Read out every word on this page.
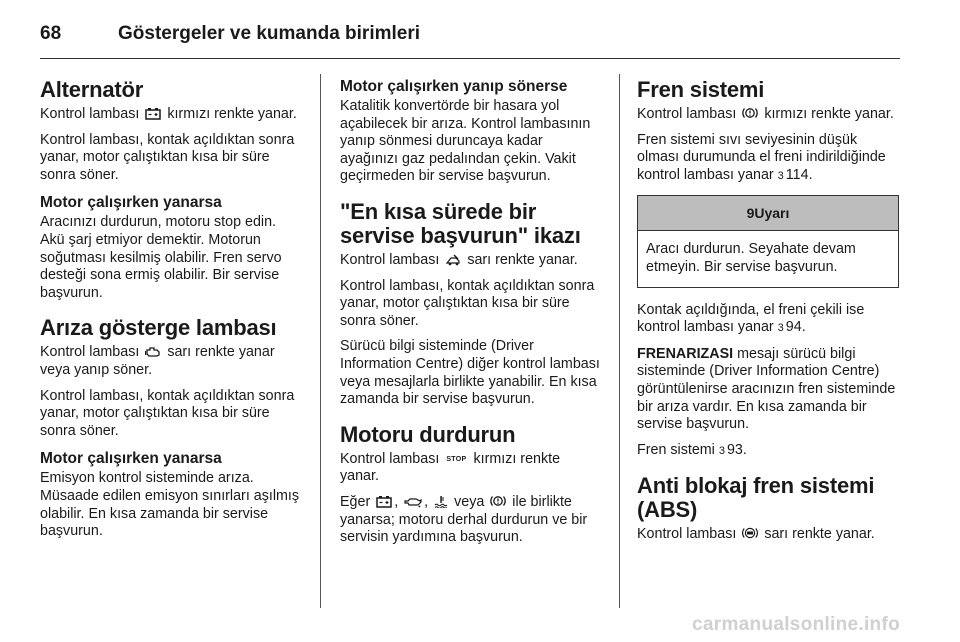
68	Göstergeler ve kumanda birimleri
Alternatör

Kontrol lambası kırmızı renkte yanar.

Kontrol lambası, kontak açıldıktan sonra yanar, motor çalıştıktan kısa bir süre sonra söner.

Motor çalışırken yanarsa

Aracınızı durdurun, motoru stop edin. Akü şarj etmiyor demektir. Motorun soğutması kesilmiş olabilir. Fren servo desteği sona ermiş olabilir. Bir servise başvurun.

Arıza gösterge lambası

Kontrol lambası sarı renkte yanar veya yanıp söner.

Kontrol lambası, kontak açıldıktan sonra yanar, motor çalıştıktan kısa bir süre sonra söner.

Motor çalışırken yanarsa

Emisyon kontrol sisteminde arıza. Müsaade edilen emisyon sınırları aşılmış olabilir. En kısa zamanda bir servise başvurun.

Motor çalışırken yanıp sönerse

Katalitik konvertörde bir hasara yol açabilecek bir arıza. Kontrol lambasının yanıp sönmesi duruncaya kadar ayağınızı gaz pedalından çekin. Vakit geçirmeden bir servise başvurun.

"En kısa sürede bir servise başvurun" ikazı

Kontrol lambası sarı renkte yanar.

Kontrol lambası, kontak açıldıktan sonra yanar, motor çalıştıktan kısa bir süre sonra söner.

Sürücü bilgi sisteminde (Driver Information Centre) diğer kontrol lambası veya mesajlarla birlikte yanabilir. En kısa zamanda bir servise başvurun.

Motoru durdurun

Kontrol lambası STOP kırmızı renkte yanar.

Eğer , , veya ile birlikte yanarsa; motoru derhal durdurun ve bir servisin yardımına başvurun.

Fren sistemi

Kontrol lambası kırmızı renkte yanar.

Fren sistemi sıvı seviyesinin düşük olması durumunda el freni indirildiğinde kontrol lambası yanar 3 114.

9 Uyarı

Aracı durdurun. Seyahate devam etmeyin. Bir servise başvurun.

Kontak açıldığında, el freni çekili ise kontrol lambası yanar 3 94.

FRENARIZASI mesajı sürücü bilgi sisteminde (Driver Information Centre) görüntülenirse aracınızın fren sisteminde bir arıza vardır. En kısa zamanda bir servise başvurun.

Fren sistemi 3 93.

Anti blokaj fren sistemi (ABS)

Kontrol lambası sarı renkte yanar.

carmanualsonline.info
